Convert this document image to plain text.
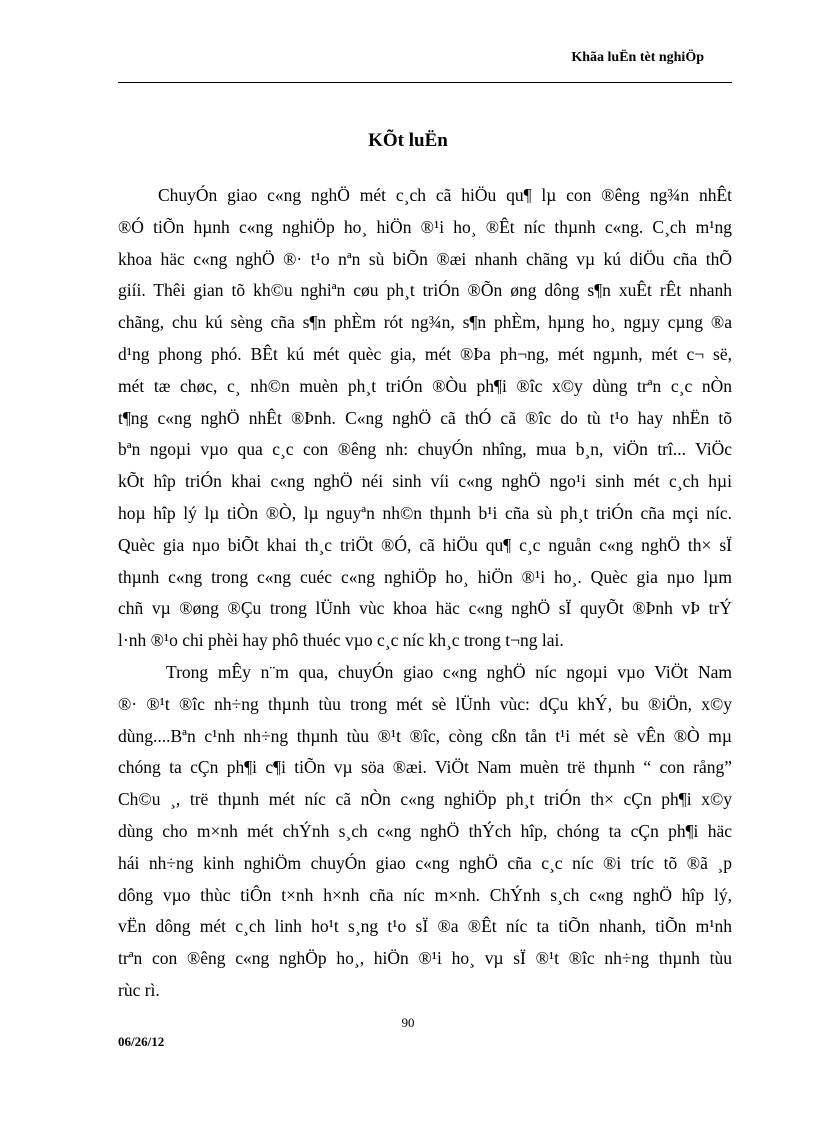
Khãa luËn tèt nghiÖp
KÕt luËn
ChuyÓn giao c«ng nghÖ mét c¸ch cã hiÖu qu¶ lµ con ®êng ng¾n nhÊt
®Ó tiÕn hµnh c«ng nghiÖp ho¸ hiÖn ®¹i ho¸ ®Êt níc thµnh c«ng. C¸ch m¹ng
khoa häc c«ng nghÖ ®· t¹o nªn sù biÕn ®æi nhanh chãng vµ kú diÖu cña thÕ
giíi. Thêi gian tõ kh©u nghiªn cøu ph¸t triÓn ®Õn øng dông s¶n xuÊt rÊt nhanh
chãng, chu kú sèng cña s¶n phÈm rót ng¾n, s¶n phÈm, hµng ho¸ ngµy cµng ®a
d¹ng phong phó. BÊt kú mét quèc gia, mét ®Þa ph¬ng, mét ngµnh, mét c¬ së,
mét tæ chøc, c¸ nh©n muèn ph¸t triÓn ®Òu ph¶i ®îc x©y dùng trªn c¸c nÒn
t¶ng c«ng nghÖ nhÊt ®Þnh. C«ng nghÖ cã thÓ cã ®îc do tù t¹o hay nhËn tõ
bªn ngoµi vµo qua c¸c con ®êng nh: chuyÓn nhîng, mua b¸n, viÖn trî... ViÖc
kÕt hîp triÓn khai c«ng nghÖ néi sinh víi c«ng nghÖ ngo¹i sinh mét c¸ch hµi
hoµ hîp lý lµ tiÒn ®Ò, lµ nguyªn nh©n thµnh b¹i cña sù ph¸t triÓn cña mçi níc.
Quèc gia nµo biÕt khai th¸c triÖt ®Ó, cã hiÖu qu¶ c¸c nguån c«ng nghÖ th× sÏ
thµnh c«ng trong c«ng cuéc c«ng nghiÖp ho¸ hiÖn ®¹i ho¸. Quèc gia nµo lµm
chñ vµ ®øng ®Çu trong lÜnh vùc khoa häc c«ng nghÖ sÏ quyÕt ®Þnh vÞ trÝ
l·nh ®¹o chi phèi hay phô thuéc vµo c¸c níc kh¸c trong t¬ng lai.
Trong mÊy n¨m qua, chuyÓn giao c«ng nghÖ níc ngoµi vµo ViÖt Nam
®· ®¹t ®îc nh÷ng thµnh tùu trong mét sè lÜnh vùc: dÇu khÝ, bu ®iÖn, x©y
dùng....Bªn c¹nh nh÷ng thµnh tùu ®¹t ®îc, còng cßn tån t¹i mét sè vÊn ®Ò mµ
chóng ta cÇn ph¶i c¶i tiÕn vµ söa ®æi. ViÖt Nam muèn trë thµnh “ con rång”
Ch©u ¸, trë thµnh mét níc cã nÒn c«ng nghiÖp ph¸t triÓn th× cÇn ph¶i x©y
dùng cho m×nh mét chÝnh s¸ch c«ng nghÖ thÝch hîp, chóng ta cÇn ph¶i häc
hái nh÷ng kinh nghiÖm chuyÓn giao c«ng nghÖ cña c¸c níc ®i tríc tõ ®ã ¸p
dông vµo thùc tiÔn t×nh h×nh cña níc m×nh. ChÝnh s¸ch c«ng nghÖ hîp lý,
vËn dông mét c¸ch linh ho¹t s¸ng t¹o sÏ ®a ®Êt níc ta tiÕn nhanh, tiÕn m¹nh
trªn con ®êng c«ng nghÖp ho¸, hiÖn ®¹i ho¸ vµ sÏ ®¹t ®îc nh÷ng thµnh tùu
rùc rì.
90
06/26/12
